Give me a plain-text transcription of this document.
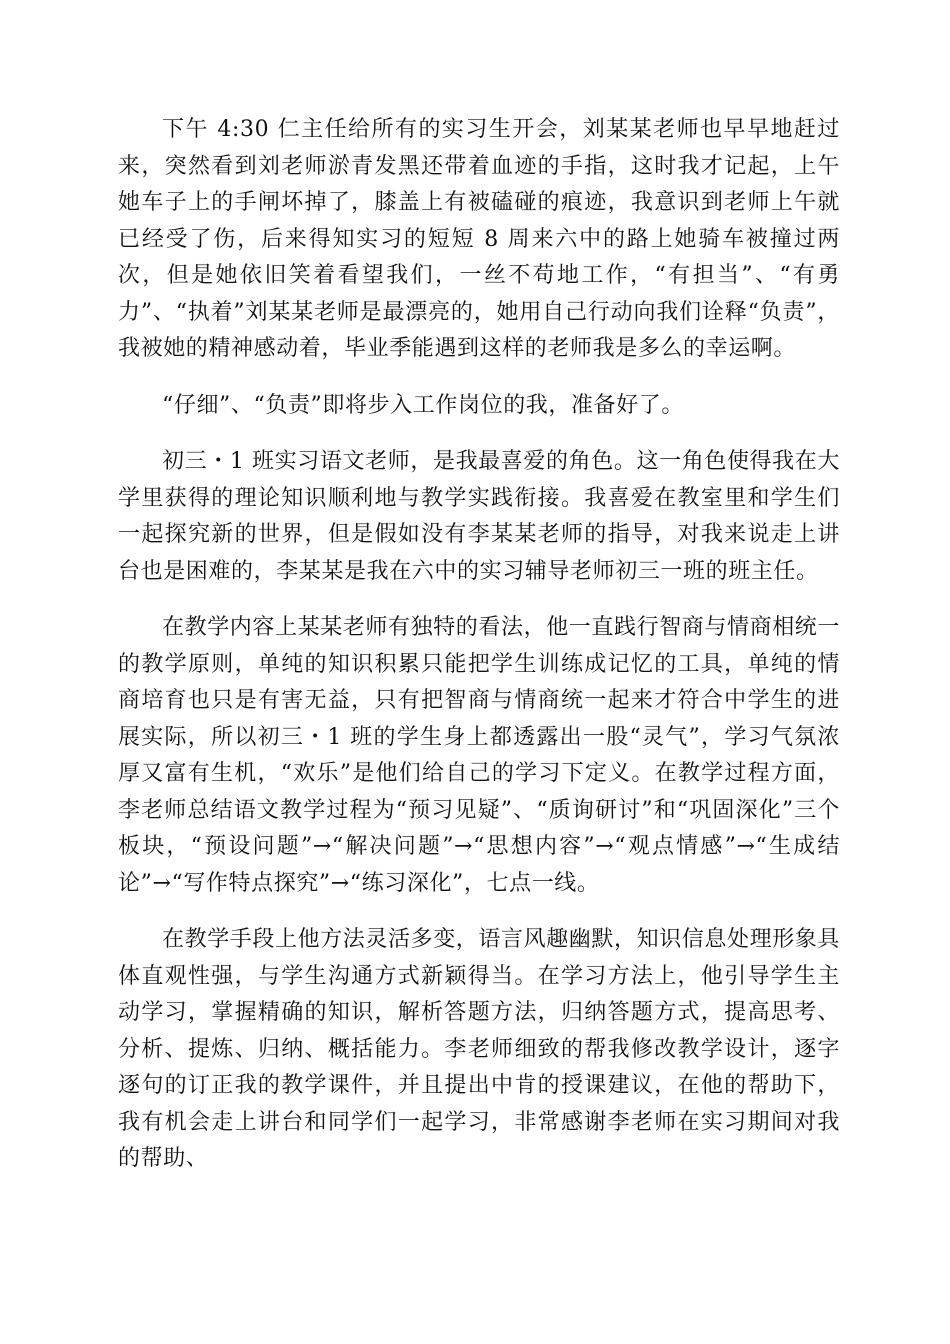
下午 4:30 仁主任给所有的实习生开会，刘某某老师也早早地赶过来，突然看到刘老师淤青发黑还带着血迹的手指，这时我才记起，上午她车子上的手闸坏掉了，膝盖上有被磕碰的痕迹，我意识到老师上午就已经受了伤，后来得知实习的短短 8 周来六中的路上她骑车被撞过两次，但是她依旧笑着看望我们，一丝不苟地工作，“有担当”、“有勇力”、“执着”刘某某老师是最漂亮的，她用自己行动向我们诠释“负责”，我被她的精神感动着，毕业季能遇到这样的老师我是多么的幸运啊。

“仔细”、“负责”即将步入工作岗位的我，准备好了。

初三・1 班实习语文老师，是我最喜爱的角色。这一角色使得我在大学里获得的理论知识顺利地与教学实践衔接。我喜爱在教室里和学生们一起探究新的世界，但是假如没有李某某老师的指导，对我来说走上讲台也是困难的，李某某是我在六中的实习辅导老师初三一班的班主任。

在教学内容上某某老师有独特的看法，他一直践行智商与情商相统一的教学原则，单纯的知识积累只能把学生训练成记忆的工具，单纯的情商培育也只是有害无益，只有把智商与情商统一起来才符合中学生的进展实际，所以初三・1 班的学生身上都透露出一股“灵气”，学习气氛浓厚又富有生机，“欢乐”是他们给自己的学习下定义。在教学过程方面，李老师总结语文教学过程为“预习见疑”、“质询研讨”和“巩固深化”三个板块，“预设问题”→“解决问题”→“思想内容”→“观点情感”→“生成结论”→“写作特点探究”→“练习深化”，七点一线。

在教学手段上他方法灵活多变，语言风趣幽默，知识信息处理形象具体直观性强，与学生沟通方式新颖得当。在学习方法上，他引导学生主动学习，掌握精确的知识，解析答题方法，归纳答题方式，提高思考、分析、提炼、归纳、概括能力。李老师细致的帮我修改教学设计，逐字逐句的订正我的教学课件，并且提出中肯的授课建议，在他的帮助下，我有机会走上讲台和同学们一起学习，非常感谢李老师在实习期间对我的帮助、
